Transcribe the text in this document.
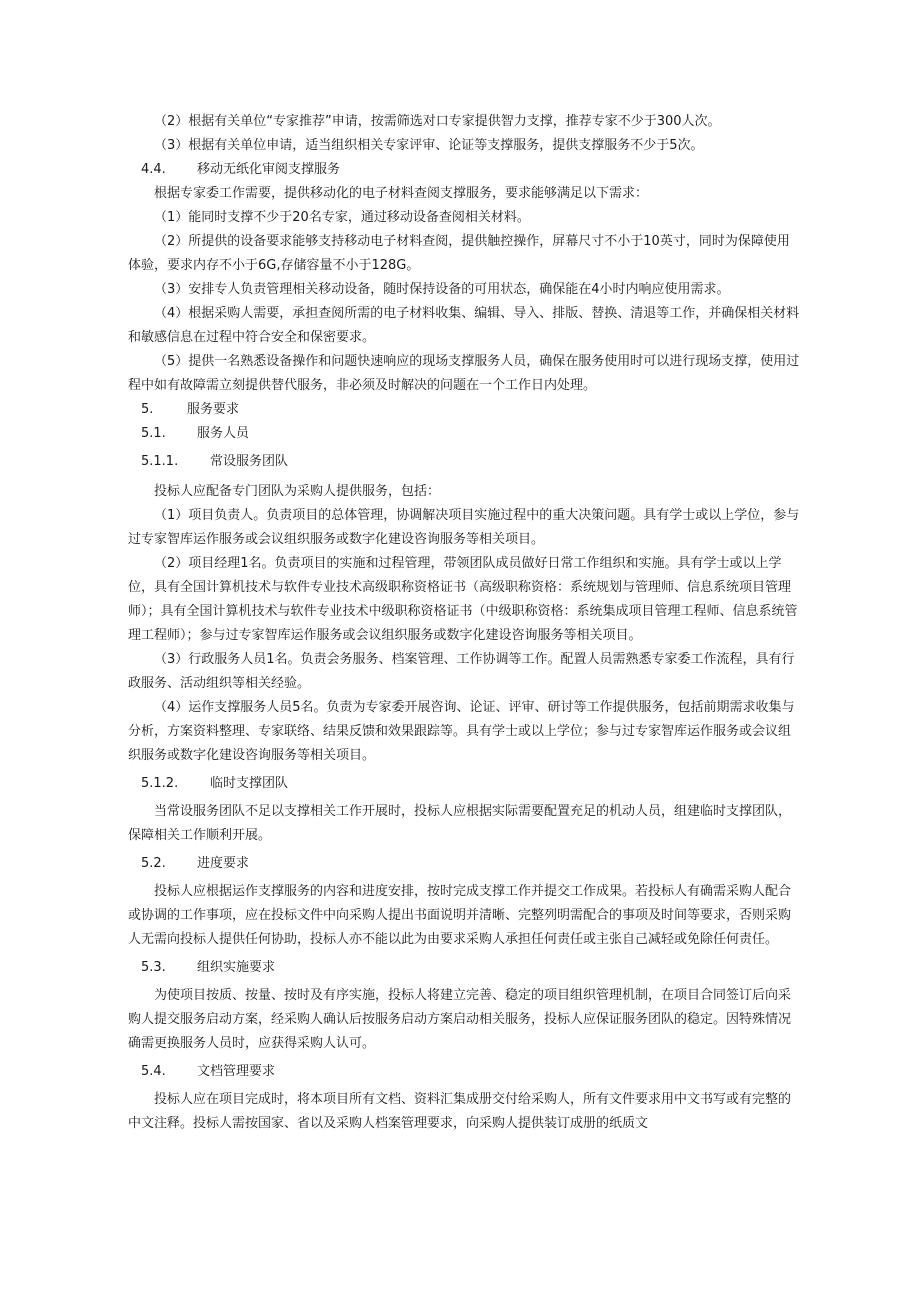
（2）根据有关单位“专家推荐”申请，按需筛选对口专家提供智力支撑，推荐专家不少于300人次。

（3）根据有关单位申请，适当组织相关专家评审、论证等支撑服务，提供支撑服务不少于5次。

4.4.	移动无纸化审阅支撑服务

根据专家委工作需要，提供移动化的电子材料查阅支撑服务，要求能够满足以下需求：

（1）能同时支撑不少于20名专家，通过移动设备查阅相关材料。

（2）所提供的设备要求能够支持移动电子材料查阅，提供触控操作，屏幕尺寸不小于10英寸，同时为保障使用体验，要求内存不小于6G,存储容量不小于128G。

（3）安排专人负责管理相关移动设备，随时保持设备的可用状态，确保能在4小时内响应使用需求。

（4）根据采购人需要，承担查阅所需的电子材料收集、编辑、导入、排版、替换、清退等工作，并确保相关材料和敏感信息在过程中符合安全和保密要求。

（5）提供一名熟悉设备操作和问题快速响应的现场支撑服务人员，确保在服务使用时可以进行现场支撑，使用过程中如有故障需立刻提供替代服务，非必须及时解决的问题在一个工作日内处理。

5.	服务要求
5.1.	服务人员
5.1.1.	常设服务团队

投标人应配备专门团队为采购人提供服务，包括：

（1）项目负责人。负责项目的总体管理，协调解决项目实施过程中的重大决策问题。具有学士或以上学位，参与过专家智库运作服务或会议组织服务或数字化建设咨询服务等相关项目。

（2）项目经理1名。负责项目的实施和过程管理，带领团队成员做好日常工作组织和实施。具有学士或以上学位，具有全国计算机技术与软件专业技术高级职称资格证书（高级职称资格：系统规划与管理师、信息系统项目管理师）；具有全国计算机技术与软件专业技术中级职称资格证书（中级职称资格：系统集成项目管理工程师、信息系统管理工程师）；参与过专家智库运作服务或会议组织服务或数字化建设咨询服务等相关项目。

（3）行政服务人员1名。负责会务服务、档案管理、工作协调等工作。配置人员需熟悉专家委工作流程，具有行政服务、活动组织等相关经验。

（4）运作支撑服务人员5名。负责为专家委开展咨询、论证、评审、研讨等工作提供服务，包括前期需求收集与分析，方案资料整理、专家联络、结果反馈和效果跟踪等。具有学士或以上学位；参与过专家智库运作服务或会议组织服务或数字化建设咨询服务等相关项目。

5.1.2.	临时支撑团队

当常设服务团队不足以支撑相关工作开展时，投标人应根据实际需要配置充足的机动人员，组建临时支撑团队，保障相关工作顺利开展。

5.2.	进度要求

投标人应根据运作支撑服务的内容和进度安排，按时完成支撑工作并提交工作成果。若投标人有确需采购人配合或协调的工作事项，应在投标文件中向采购人提出书面说明并清晰、完整列明需配合的事项及时间等要求，否则采购人无需向投标人提供任何协助，投标人亦不能以此为由要求采购人承担任何责任或主张自己减轻或免除任何责任。

5.3.	组织实施要求

为使项目按质、按量、按时及有序实施，投标人将建立完善、稳定的项目组织管理机制，在项目合同签订后向采购人提交服务启动方案，经采购人确认后按服务启动方案启动相关服务，投标人应保证服务团队的稳定。因特殊情况确需更换服务人员时，应获得采购人认可。

5.4.	文档管理要求

投标人应在项目完成时，将本项目所有文档、资料汇集成册交付给采购人，所有文件要求用中文书写或有完整的中文注释。投标人需按国家、省以及采购人档案管理要求，向采购人提供装订成册的纸质文
